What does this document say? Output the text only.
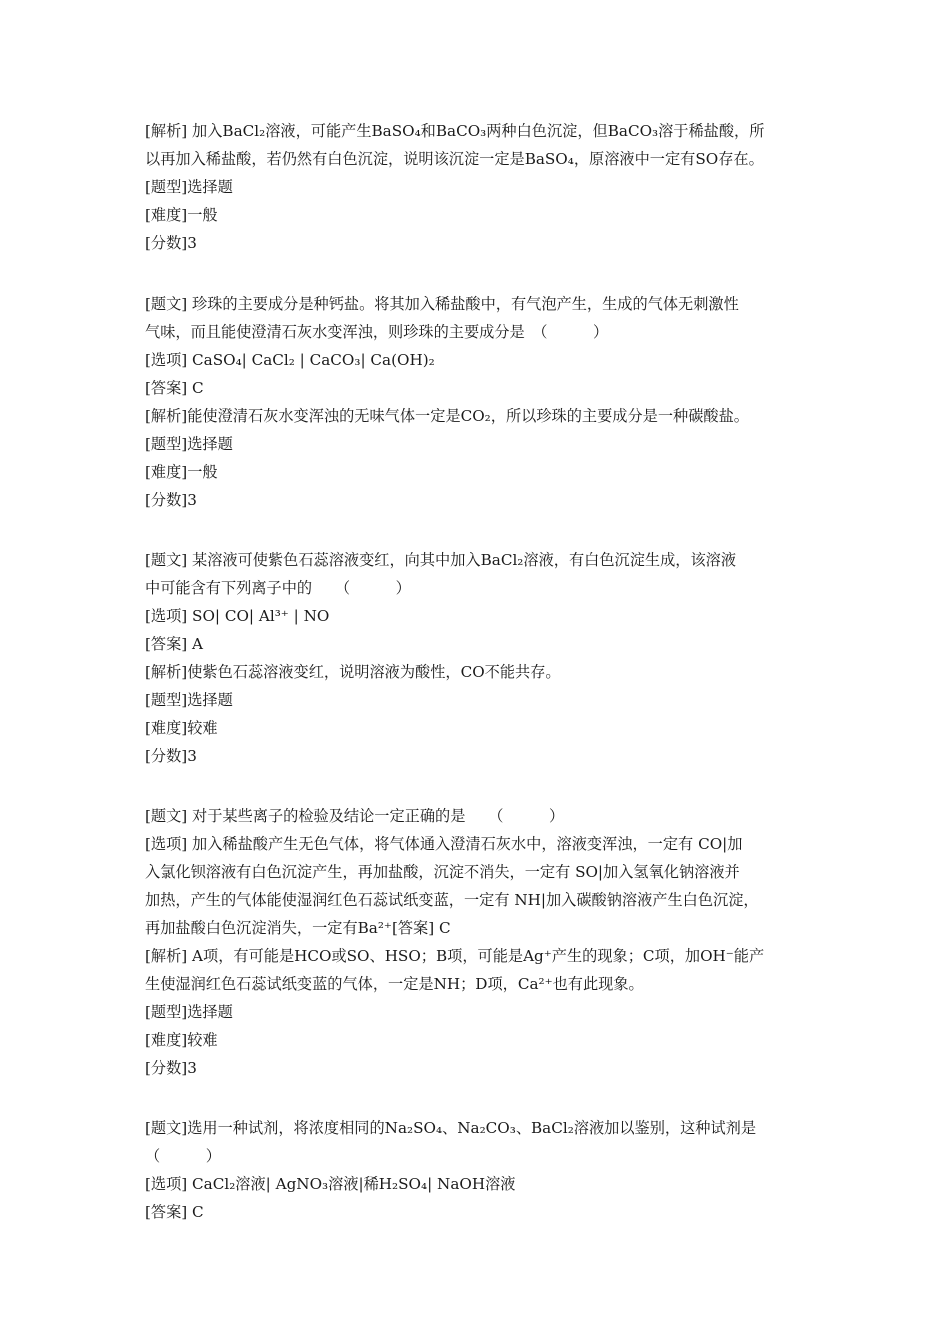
[解析] 加入BaCl₂溶液，可能产生BaSO₄和BaCO₃两种白色沉淀，但BaCO₃溶于稀盐酸，所
以再加入稀盐酸，若仍然有白色沉淀，说明该沉淀一定是BaSO₄，原溶液中一定有SO存在。
[题型]选择题
[难度]一般
[分数]3
[题文] 珍珠的主要成分是种钙盐。将其加入稀盐酸中，有气泡产生，生成的气体无刺激性
气味，而且能使澄清石灰水变浑浊，则珍珠的主要成分是　（　　　）
[选项] CaSO₄| CaCl₂ | CaCO₃| Ca(OH)₂
[答案] C
[解析]能使澄清石灰水变浑浊的无味气体一定是CO₂，所以珍珠的主要成分是一种碳酸盐。
[题型]选择题
[难度]一般
[分数]3
[题文] 某溶液可使紫色石蕊溶液变红，向其中加入BaCl₂溶液，有白色沉淀生成，该溶液
中可能含有下列离子中的　　（　　　）
[选项] SO| CO| Al³⁺ | NO
[答案] A
[解析]使紫色石蕊溶液变红，说明溶液为酸性，CO不能共存。
[题型]选择题
[难度]较难
[分数]3
[题文] 对于某些离子的检验及结论一定正确的是　　（　　　）
[选项] 加入稀盐酸产生无色气体，将气体通入澄清石灰水中，溶液变浑浊，一定有 CO|加
入氯化钡溶液有白色沉淀产生，再加盐酸，沉淀不消失，一定有 SO|加入氢氧化钠溶液并
加热，产生的气体能使湿润红色石蕊试纸变蓝，一定有 NH|加入碳酸钠溶液产生白色沉淀，
再加盐酸白色沉淀消失，一定有Ba²⁺[答案] C
[解析] A项，有可能是HCO或SO、HSO；B项，可能是Ag⁺产生的现象；C项，加OH⁻能产
生使湿润红色石蕊试纸变蓝的气体，一定是NH；D项，Ca²⁺也有此现象。
[题型]选择题
[难度]较难
[分数]3
[题文]选用一种试剂，将浓度相同的Na₂SO₄、Na₂CO₃、BaCl₂溶液加以鉴别，这种试剂是
（　　　）
[选项] CaCl₂溶液| AgNO₃溶液|稀H₂SO₄| NaOH溶液
[答案] C
